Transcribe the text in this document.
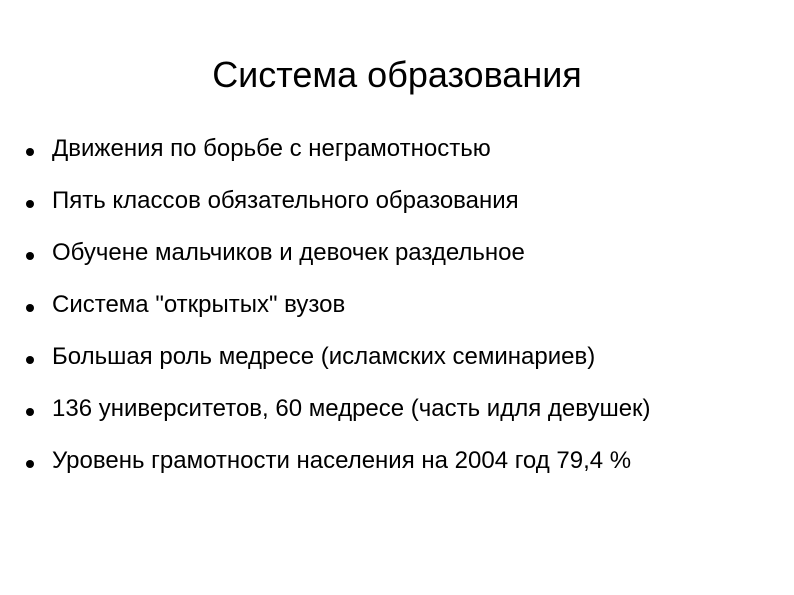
Система образования
Движения по борьбе с неграмотностью
Пять классов обязательного образования
Обучене мальчиков и девочек раздельное
Система "открытых" вузов
Большая роль медресе (исламских семинариев)
136 университетов, 60 медресе (часть идля девушек)
Уровень грамотности населения на 2004 год 79,4 %
